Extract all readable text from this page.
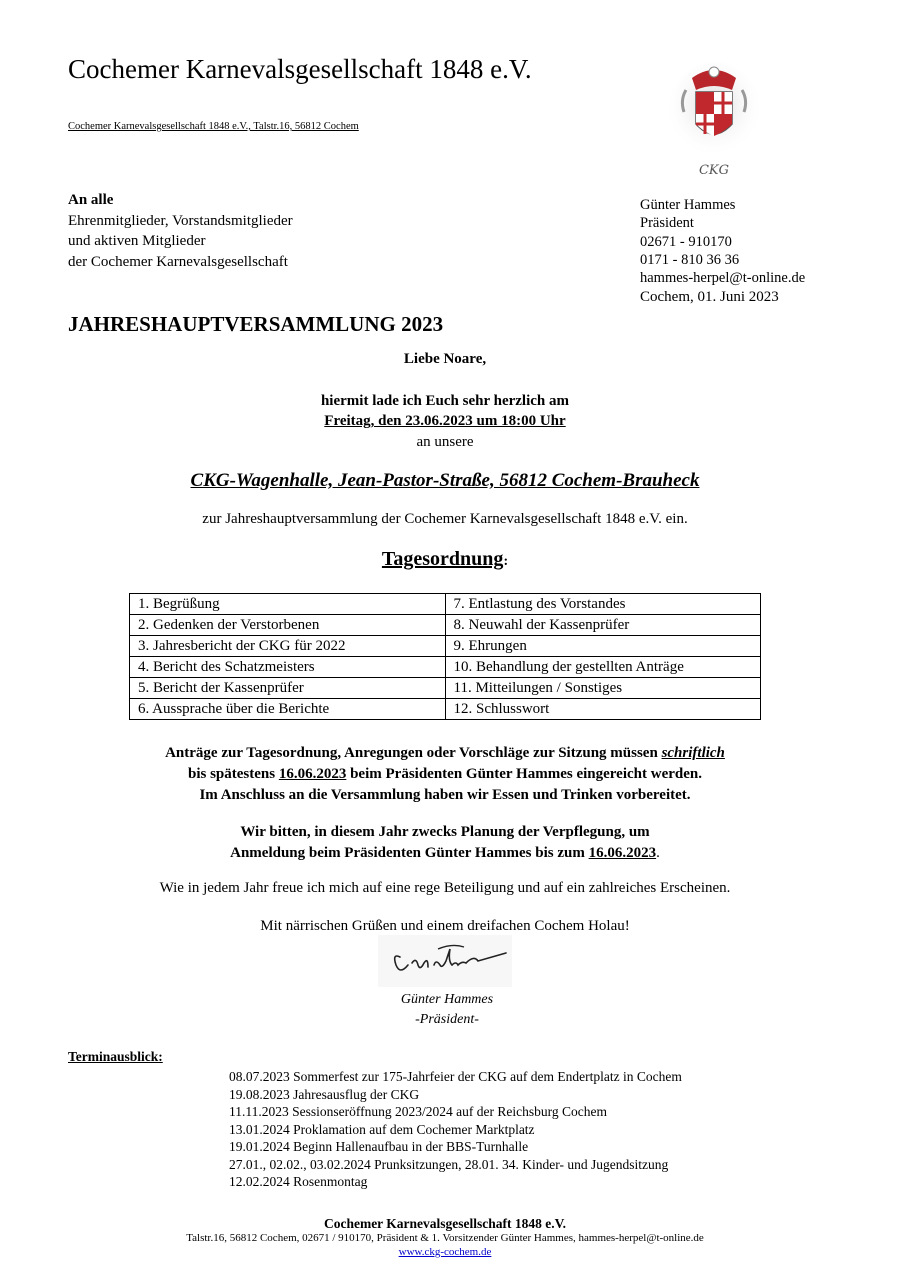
Cochemer Karnevalsgesellschaft 1848 e.V.
Cochemer Karnevalsgesellschaft 1848 e.V., Talstr.16, 56812 Cochem
CKG
An alle
Ehrenmitglieder, Vorstandsmitglieder
und aktiven Mitglieder
der Cochemer Karnevalsgesellschaft
Günter Hammes
Präsident
02671 - 910170
0171 - 810 36 36
hammes-herpel@t-online.de
Cochem, 01. Juni 2023
JAHRESHAUPTVERSAMMLUNG 2023
Liebe Noare,
hiermit lade ich Euch sehr herzlich am
Freitag, den 23.06.2023 um 18:00 Uhr
an unsere
CKG-Wagenhalle, Jean-Pastor-Straße, 56812 Cochem-Brauheck
zur Jahreshauptversammlung der Cochemer Karnevalsgesellschaft 1848 e.V. ein.
Tagesordnung:
1. Begrüßung	7. Entlastung des Vorstandes
2. Gedenken der Verstorbenen	8. Neuwahl der Kassenprüfer
3. Jahresbericht der CKG für 2022	9. Ehrungen
4. Bericht des Schatzmeisters	10. Behandlung der gestellten Anträge
5. Bericht der Kassenprüfer	11. Mitteilungen / Sonstiges
6. Aussprache über die Berichte	12. Schlusswort
Anträge zur Tagesordnung, Anregungen oder Vorschläge zur Sitzung müssen schriftlich
bis spätestens 16.06.2023 beim Präsidenten Günter Hammes eingereicht werden.
Im Anschluss an die Versammlung haben wir Essen und Trinken vorbereitet.
Wir bitten, in diesem Jahr zwecks Planung der Verpflegung, um
Anmeldung beim Präsidenten Günter Hammes bis zum 16.06.2023.
Wie in jedem Jahr freue ich mich auf eine rege Beteiligung und auf ein zahlreiches Erscheinen.
Mit närrischen Grüßen und einem dreifachen Cochem Holau!
Günter Hammes
-Präsident-
Terminausblick:
08.07.2023 Sommerfest zur 175-Jahrfeier der CKG auf dem Endertplatz in Cochem
19.08.2023 Jahresausflug der CKG
11.11.2023 Sessionseröffnung 2023/2024 auf der Reichsburg Cochem
13.01.2024 Proklamation auf dem Cochemer Marktplatz
19.01.2024 Beginn Hallenaufbau in der BBS-Turnhalle
27.01., 02.02., 03.02.2024 Prunksitzungen, 28.01. 34. Kinder- und Jugendsitzung
12.02.2024 Rosenmontag
Cochemer Karnevalsgesellschaft 1848 e.V.
Talstr.16, 56812 Cochem, 02671 / 910170, Präsident & 1. Vorsitzender Günter Hammes, hammes-herpel@t-online.de
www.ckg-cochem.de
